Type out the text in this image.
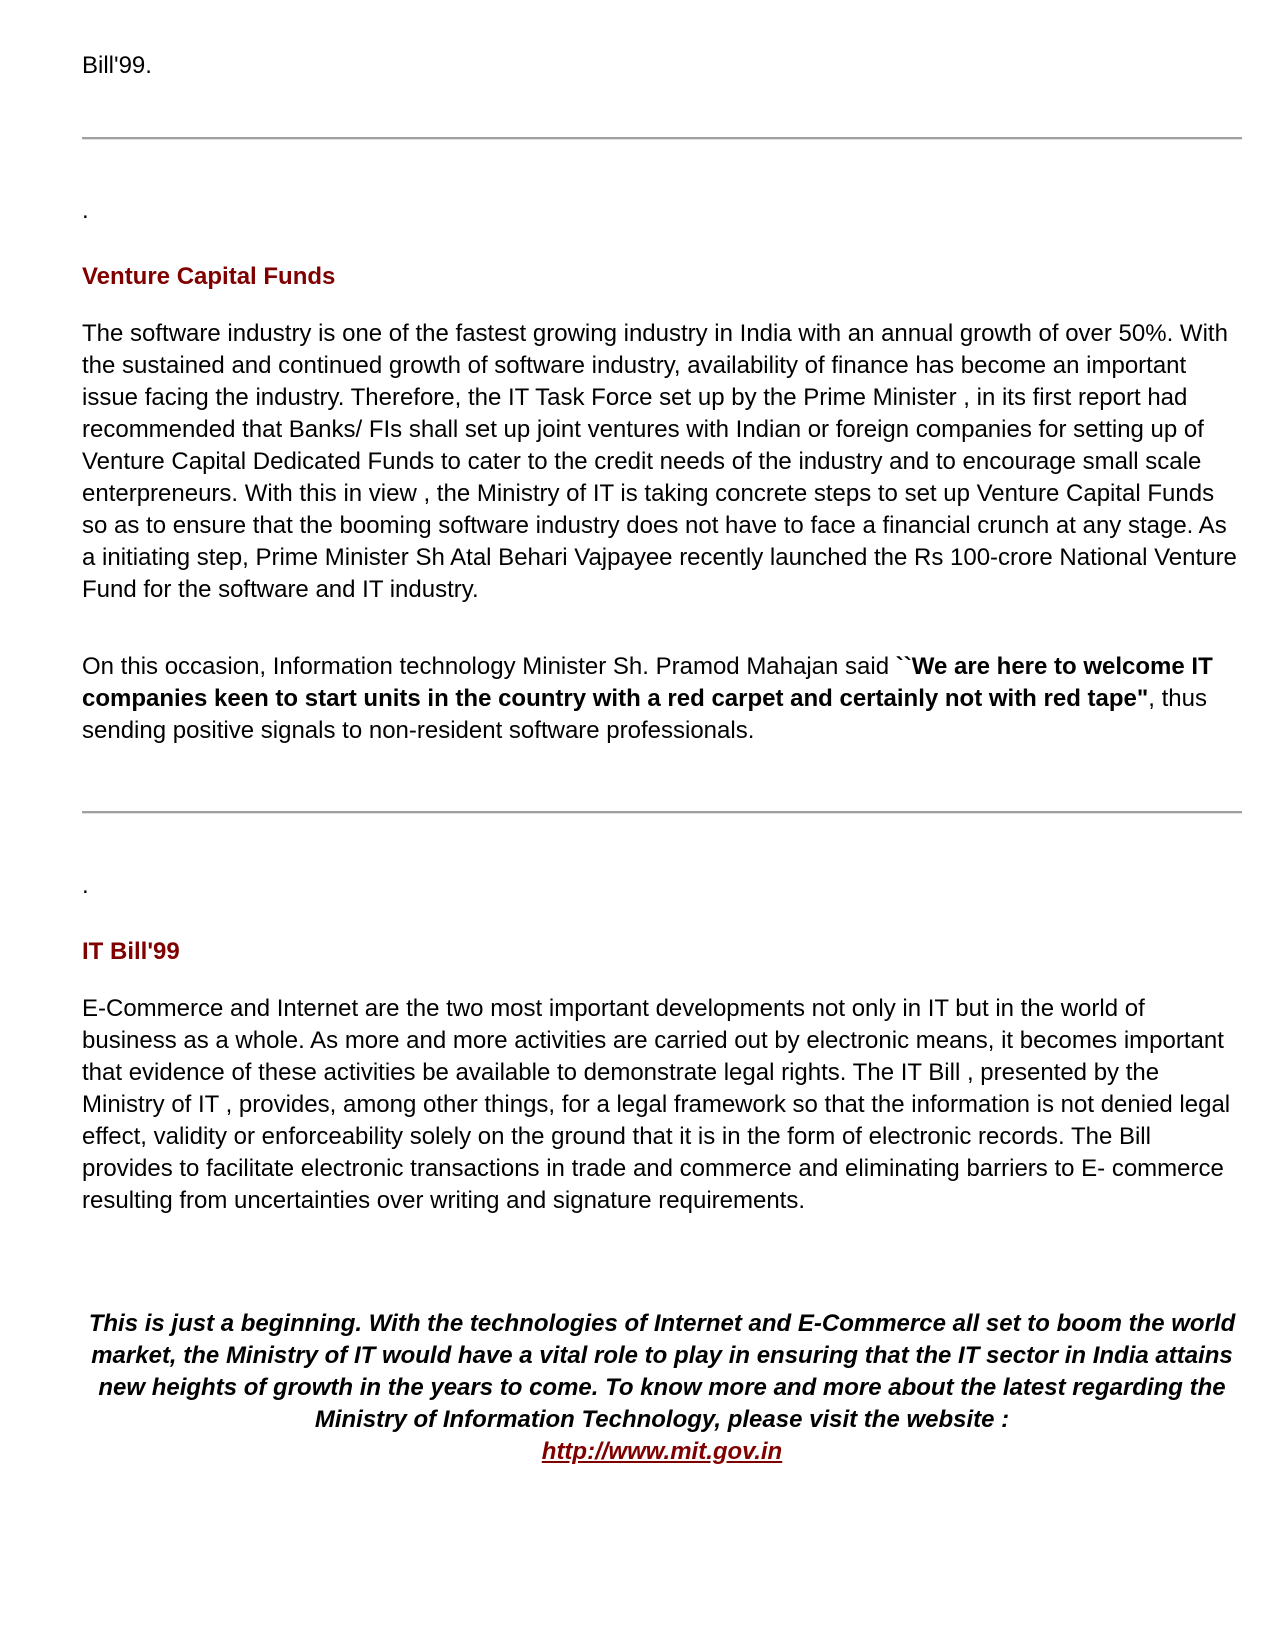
Bill'99.

.

Venture Capital Funds

The software industry is one of the fastest growing industry in India with an annual growth of over 50%. With the sustained and continued growth of software industry, availability of finance has become an important issue facing the industry. Therefore, the IT Task Force set up by the Prime Minister , in its first report had recommended that Banks/ FIs shall set up joint ventures with Indian or foreign companies for setting up of Venture Capital Dedicated Funds to cater to the credit needs of the industry and to encourage small scale enterpreneurs. With this in view , the Ministry of IT is taking concrete steps to set up Venture Capital Funds so as to ensure that the booming software industry does not have to face a financial crunch at any stage. As a initiating step, Prime Minister Sh Atal Behari Vajpayee recently launched the Rs 100-crore National Venture Fund for the software and IT industry.

On this occasion, Information technology Minister Sh. Pramod Mahajan said ``We are here to welcome IT companies keen to start units in the country with a red carpet and certainly not with red tape", thus sending positive signals to non-resident software professionals.

.

IT Bill'99

E-Commerce and Internet are the two most important developments not only in IT but in the world of business as a whole. As more and more activities are carried out by electronic means, it becomes important that evidence of these activities be available to demonstrate legal rights. The IT Bill , presented by the Ministry of IT , provides, among other things, for a legal framework so that the information is not denied legal effect, validity or enforceability solely on the ground that it is in the form of electronic records. The Bill provides to facilitate electronic transactions in trade and commerce and eliminating barriers to E- commerce resulting from uncertainties over writing and signature requirements.

This is just a beginning. With the technologies of Internet and E-Commerce all set to boom the world market, the Ministry of IT would have a vital role to play in ensuring that the IT sector in India attains new heights of growth in the years to come. To know more and more about the latest regarding the Ministry of Information Technology, please visit the website :
http://www.mit.gov.in
